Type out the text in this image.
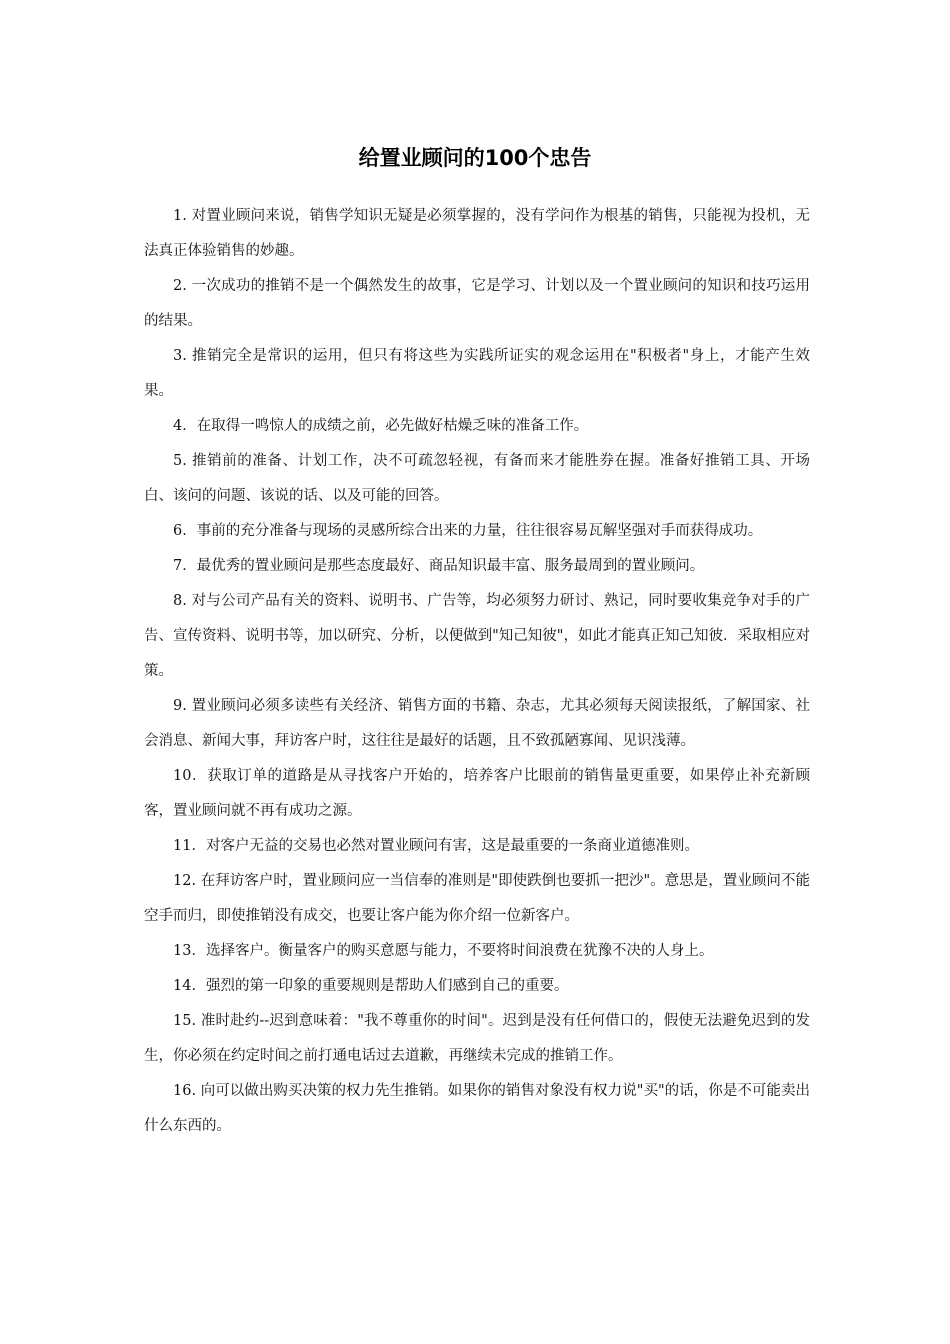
给置业顾问的100个忠告

1. 对置业顾问来说，销售学知识无疑是必须掌握的，没有学问作为根基的销售，只能视为投机，无法真正体验销售的妙趣。

2. 一次成功的推销不是一个偶然发生的故事，它是学习、计划以及一个置业顾问的知识和技巧运用的结果。

3. 推销完全是常识的运用，但只有将这些为实践所证实的观念运用在"积极者"身上，才能产生效果。

4．在取得一鸣惊人的成绩之前，必先做好枯燥乏味的准备工作。

5. 推销前的准备、计划工作，决不可疏忽轻视，有备而来才能胜券在握。准备好推销工具、开场白、该问的问题、该说的话、以及可能的回答。

6．事前的充分准备与现场的灵感所综合出来的力量，往往很容易瓦解坚强对手而获得成功。

7．最优秀的置业顾问是那些态度最好、商品知识最丰富、服务最周到的置业顾问。

8. 对与公司产品有关的资料、说明书、广告等，均必须努力研讨、熟记，同时要收集竞争对手的广告、宣传资料、说明书等，加以研究、分析，以便做到"知己知彼"，如此才能真正知己知彼．采取相应对策。

9. 置业顾问必须多读些有关经济、销售方面的书籍、杂志，尤其必须每天阅读报纸，了解国家、社会消息、新闻大事，拜访客户时，这往往是最好的话题，且不致孤陋寡闻、见识浅薄。

10．获取订单的道路是从寻找客户开始的，培养客户比眼前的销售量更重要，如果停止补充新顾客，置业顾问就不再有成功之源。

11．对客户无益的交易也必然对置业顾问有害，这是最重要的一条商业道德准则。

12. 在拜访客户时，置业顾问应一当信奉的准则是"即使跌倒也要抓一把沙"。意思是，置业顾问不能空手而归，即使推销没有成交，也要让客户能为你介绍一位新客户。

13．选择客户。衡量客户的购买意愿与能力，不要将时间浪费在犹豫不决的人身上。

14．强烈的第一印象的重要规则是帮助人们感到自己的重要。

15. 准时赴约--迟到意味着："我不尊重你的时间"。迟到是没有任何借口的，假使无法避免迟到的发生，你必须在约定时间之前打通电话过去道歉，再继续未完成的推销工作。

16. 向可以做出购买决策的权力先生推销。如果你的销售对象没有权力说"买"的话，你是不可能卖出什么东西的。
